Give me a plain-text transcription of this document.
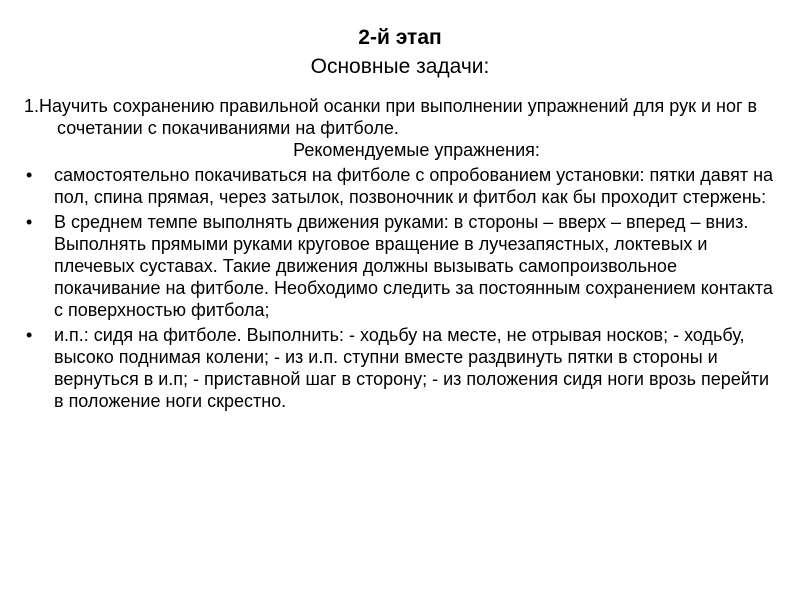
2-й этап
Основные задачи:

1.Научить сохранению правильной осанки при выполнении упражнений для рук и ног в сочетании с покачиваниями на фитболе.

Рекомендуемые упражнения:

•	самостоятельно покачиваться на фитболе с опробованием установки: пятки давят на пол, спина прямая, через затылок, позвоночник и фитбол как бы проходит стержень:
•	В среднем темпе выполнять движения руками: в стороны – вверх – вперед – вниз. Выполнять прямыми руками круговое вращение в лучезапястных, локтевых и плечевых суставах. Такие движения должны вызывать самопроизвольное покачивание на фитболе. Необходимо следить за постоянным сохранением контакта с поверхностью фитбола;
•	и.п.: сидя на фитболе. Выполнить: - ходьбу на месте, не отрывая носков; - ходьбу, высоко поднимая колени; - из и.п. ступни вместе раздвинуть пятки в стороны и вернуться в и.п; - приставной шаг в сторону; - из положения сидя ноги врозь перейти в положение ноги скрестно.
